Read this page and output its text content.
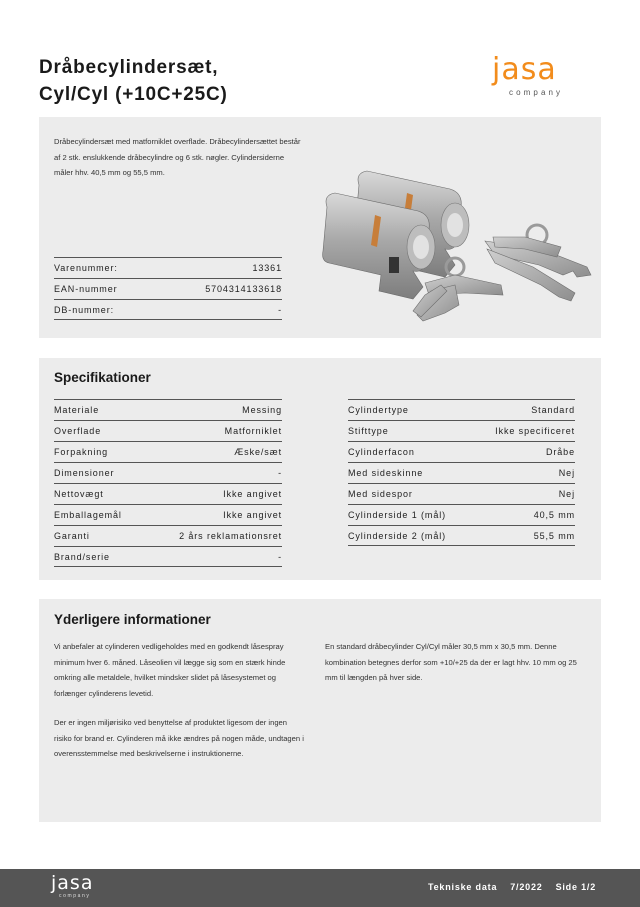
Dråbecylindersæt,
Cyl/Cyl (+10C+25C)
jasa
company
Dråbecylindersæt med matforniklet overflade. Dråbecylindersættet består af 2 stk. enslukkende dråbecylindre og 6 stk. nøgler. Cylindersiderne måler hhv. 40,5 mm og 55,5 mm.
Varenummer:	13361
EAN-nummer	5704314133618
DB-nummer:	-
Specifikationer
Materiale	Messing
Overflade	Matforniklet
Forpakning	Æske/sæt
Dimensioner	-
Nettovægt	Ikke angivet
Emballagemål	Ikke angivet
Garanti	2 års reklamationsret
Brand/serie	-
Cylindertype	Standard
Stifttype	Ikke specificeret
Cylinderfacon	Dråbe
Med sideskinne	Nej
Med sidespor	Nej
Cylinderside 1 (mål)	40,5 mm
Cylinderside 2 (mål)	55,5 mm
Yderligere informationer
Vi anbefaler at cylinderen vedligeholdes med en godkendt låsespray minimum hver 6. måned. Låseolien vil lægge sig som en stærk hinde omkring alle metaldele, hvilket mindsker slidet på låsesystemet og forlænger cylinderens levetid.
Der er ingen miljørisiko ved benyttelse af produktet ligesom der ingen risiko for brand er. Cylinderen må ikke ændres på nogen måde, undtagen i overensstemmelse med beskrivelserne i instruktionerne.
En standard dråbecylinder Cyl/Cyl måler 30,5 mm x 30,5 mm. Denne kombination betegnes derfor som +10/+25 da der er lagt hhv. 10 mm og 25 mm til længden på hver side.
jasa
company
Tekniske data 7/2022 Side 1/2
